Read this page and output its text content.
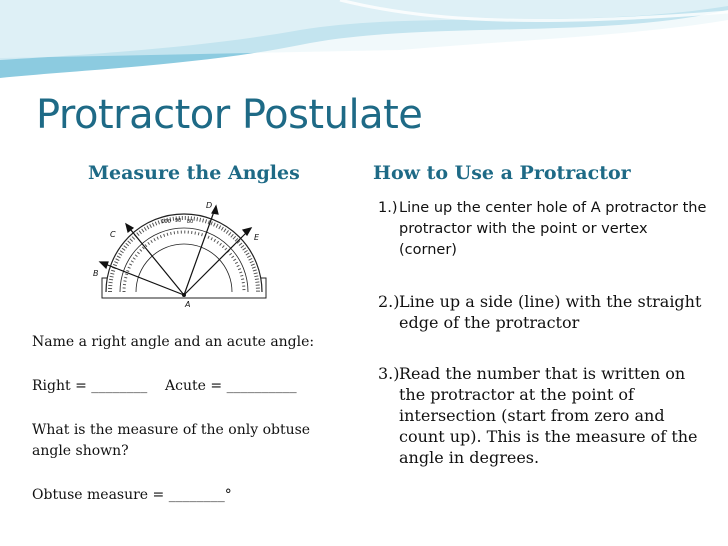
Protractor Postulate
Measure the Angles	How to Use a Protractor
90
100	80
D
C	E
B
A
Name a right angle and an acute angle:
Right = ________    Acute = __________
What is the measure of the only obtuse angle shown?
Obtuse measure = ________°
1.) Line up the center hole of A protractor the protractor with the point or vertex (corner)
2.) Line up a side (line) with the straight edge of the protractor
3.) Read the number that is written on the protractor at the point of intersection (start from zero and count up). This is the measure of the angle in degrees.
